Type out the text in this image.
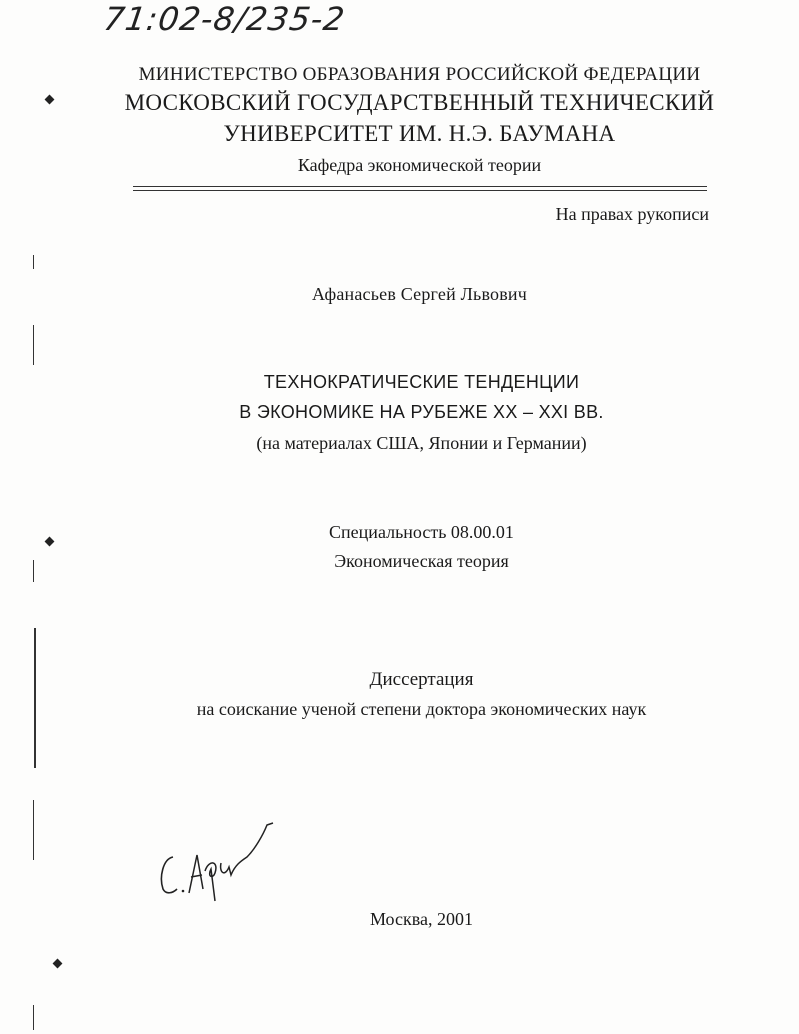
71:02-8/235-2
МИНИСТЕРСТВО ОБРАЗОВАНИЯ РОССИЙСКОЙ ФЕДЕРАЦИИ
МОСКОВСКИЙ ГОСУДАРСТВЕННЫЙ ТЕХНИЧЕСКИЙ
УНИВЕРСИТЕТ ИМ. Н.Э. БАУМАНА
Кафедра экономической теории
На правах рукописи
Афанасьев Сергей Львович
ТЕХНОКРАТИЧЕСКИЕ ТЕНДЕНЦИИ
В ЭКОНОМИКЕ НА РУБЕЖЕ XX – XXI ВВ.
(на материалах США, Японии и Германии)
Специальность 08.00.01
Экономическая теория
Диссертация
на соискание ученой степени доктора экономических наук
Москва, 2001
